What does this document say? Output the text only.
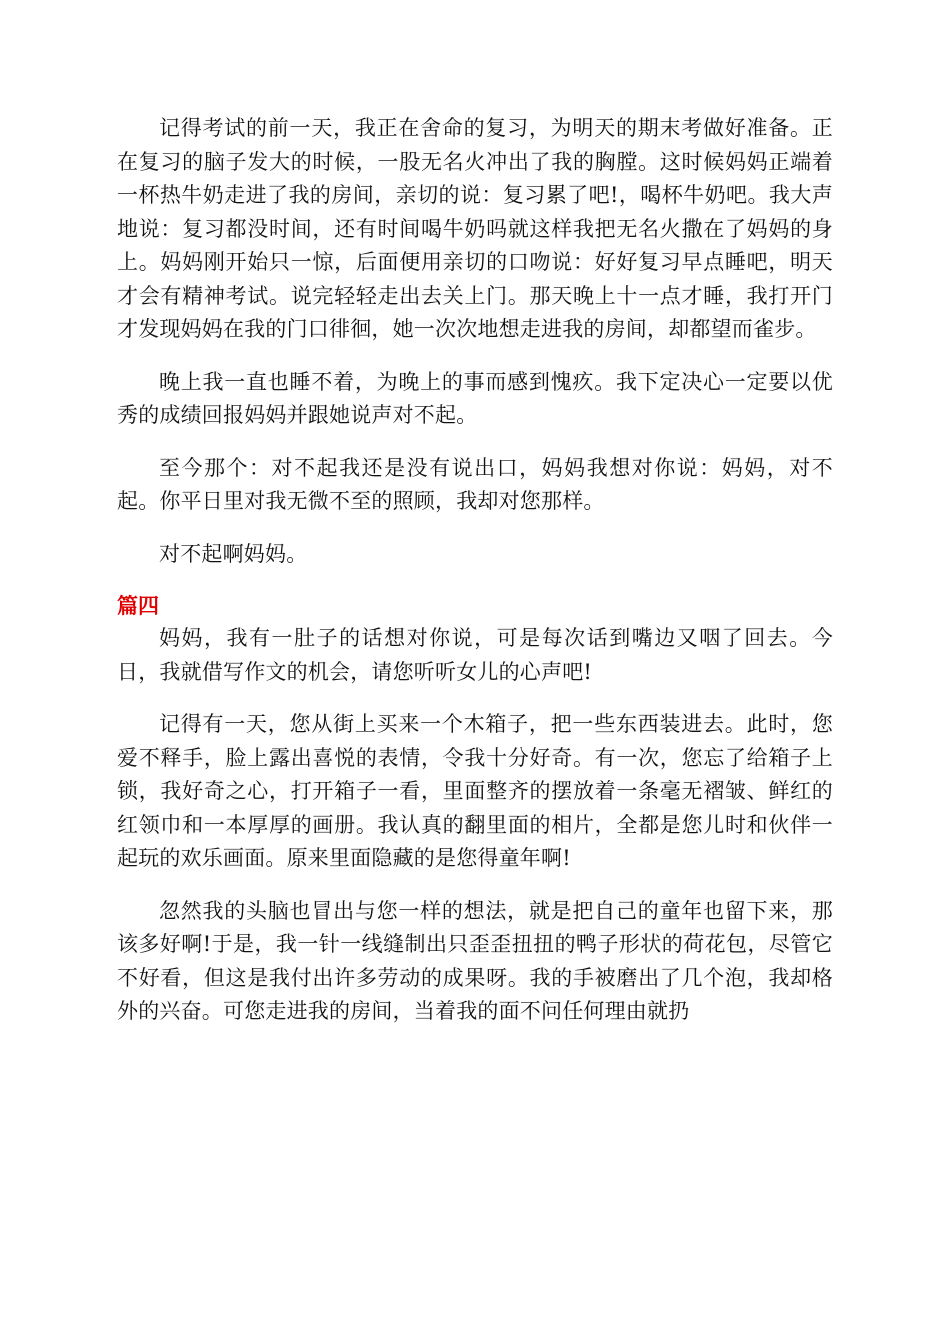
记得考试的前一天，我正在舍命的复习，为明天的期末考做好准备。正在复习的脑子发大的时候，一股无名火冲出了我的胸膛。这时候妈妈正端着一杯热牛奶走进了我的房间，亲切的说：复习累了吧!，喝杯牛奶吧。我大声地说：复习都没时间，还有时间喝牛奶吗就这样我把无名火撒在了妈妈的身上。妈妈刚开始只一惊，后面便用亲切的口吻说：好好复习早点睡吧，明天才会有精神考试。说完轻轻走出去关上门。那天晚上十一点才睡，我打开门才发现妈妈在我的门口徘徊，她一次次地想走进我的房间，却都望而雀步。

晚上我一直也睡不着，为晚上的事而感到愧疚。我下定决心一定要以优秀的成绩回报妈妈并跟她说声对不起。

至今那个：对不起我还是没有说出口，妈妈我想对你说：妈妈，对不起。你平日里对我无微不至的照顾，我却对您那样。

对不起啊妈妈。

篇四

妈妈，我有一肚子的话想对你说，可是每次话到嘴边又咽了回去。今日，我就借写作文的机会，请您听听女儿的心声吧!

记得有一天，您从街上买来一个木箱子，把一些东西装进去。此时，您爱不释手，脸上露出喜悦的表情，令我十分好奇。有一次，您忘了给箱子上锁，我好奇之心，打开箱子一看，里面整齐的摆放着一条毫无褶皱、鲜红的红领巾和一本厚厚的画册。我认真的翻里面的相片，全都是您儿时和伙伴一起玩的欢乐画面。原来里面隐藏的是您得童年啊!

忽然我的头脑也冒出与您一样的想法，就是把自己的童年也留下来，那该多好啊!于是，我一针一线缝制出只歪歪扭扭的鸭子形状的荷花包，尽管它不好看，但这是我付出许多劳动的成果呀。我的手被磨出了几个泡，我却格外的兴奋。可您走进我的房间，当着我的面不问任何理由就扔
